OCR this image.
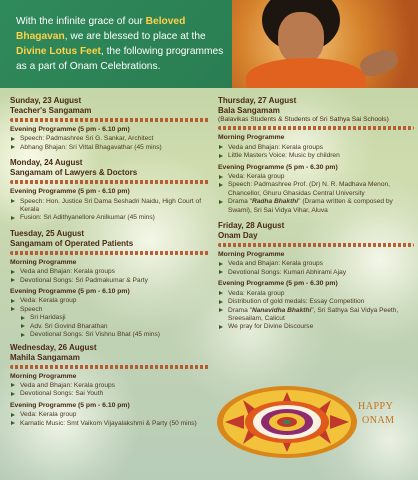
With the infinite grace of our Beloved Bhagavan, we are blessed to place at the Divine Lotus Feet, the following programmes as a part of Onam Celebrations.

Sunday, 23 August
Teacher's Sangamam
Evening Programme (5 pm - 6.10 pm)
Speech: Padmashree Sri G. Sankar, Architect
Abhang Bhajan: Sri Vittal Bhagavathar (45 mins)
Monday, 24 August
Sangamam of Lawyers & Doctors
Evening Programme (5 pm - 6.10 pm)
Speech: Hon. Justice Sri Dama Seshadri Naidu, High Court of Kerala
Fusion: Sri Adithyanellore Anilkumar (45 mins)
Tuesday, 25 August
Sangamam of Operated Patients
Morning Programme
Veda and Bhajan: Kerala groups
Devotional Songs: Sri Padmakumar & Party
Evening Programme (5 pm - 6.10 pm)
Veda: Kerala group
Speech
Sri Haridasji
Adv. Sri Govind Bharathan
Devotional Songs: Sri Vishnu Bhat (45 mins)
Wednesday, 26 August
Mahila Sangamam
Morning Programme
Veda and Bhajan: Kerala groups
Devotional Songs: Sai Youth
Evening Programme (5 pm - 6.10 pm)
Veda: Kerala group
Karnatic Music: Smt Vaikom Vijayalakshmi & Party (50 mins)
Thursday, 27 August
Bala Sangamam
(Balavikas Students & Students of Sri Sathya Sai Schools)
Morning Programme
Veda and Bhajan: Kerala groups
Little Masters Voice: Music by children
Evening Programme (5 pm - 6.30 pm)
Veda: Kerala group
Speech: Padmashree Prof. (Dr) N. R. Madhava Menon, Chancellor, Ghuru Ghasidas Central University
Drama "Radha Bhakthi" (Drama written & composed by Swami), Sri Sai Vidya Vihar, Aluva
Friday, 28 August
Onam Day
Morning Programme
Veda and Bhajan: Kerala groups
Devotional Songs: Kumari Abhirami Ajay
Evening Programme (5 pm - 6.30 pm)
Veda: Kerala group
Distribution of gold medals: Essay Competition
Drama "Nanavidha Bhakthi", Sri Sathya Sai Vidya Peeth, Sreesailam, Calicut
We pray for Divine Discourse
HAPPY
ONAM
